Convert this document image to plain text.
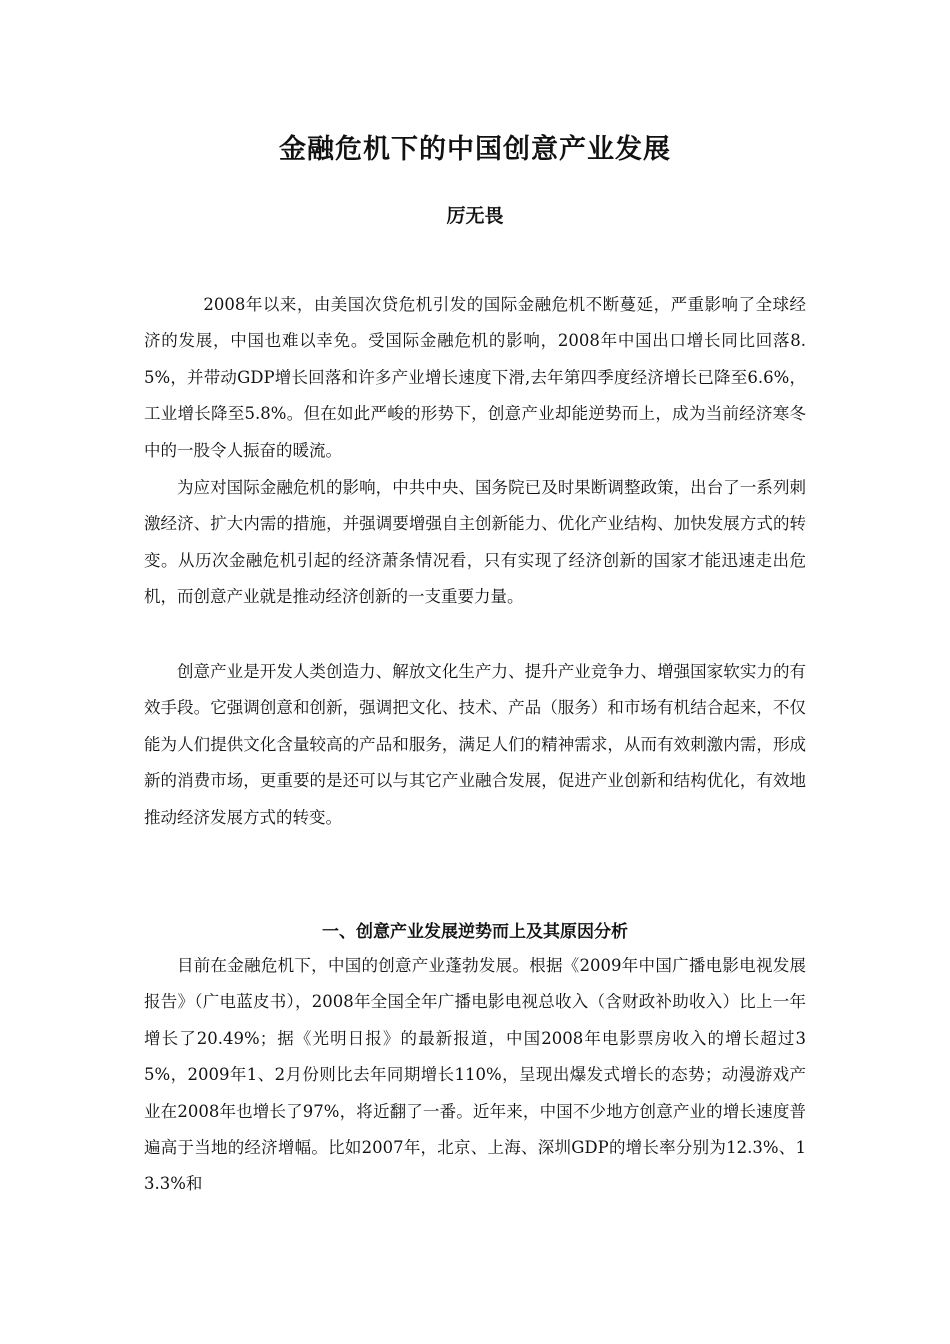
金融危机下的中国创意产业发展
厉无畏

2008年以来，由美国次贷危机引发的国际金融危机不断蔓延，严重影响了全球经济的发展，中国也难以幸免。受国际金融危机的影响，2008年中国出口增长同比回落8.5%，并带动GDP增长回落和许多产业增长速度下滑,去年第四季度经济增长已降至6.6%，工业增长降至5.8%。但在如此严峻的形势下，创意产业却能逆势而上，成为当前经济寒冬中的一股令人振奋的暖流。

为应对国际金融危机的影响，中共中央、国务院已及时果断调整政策，出台了一系列刺激经济、扩大内需的措施，并强调要增强自主创新能力、优化产业结构、加快发展方式的转变。从历次金融危机引起的经济萧条情况看，只有实现了经济创新的国家才能迅速走出危机，而创意产业就是推动经济创新的一支重要力量。

创意产业是开发人类创造力、解放文化生产力、提升产业竞争力、增强国家软实力的有效手段。它强调创意和创新，强调把文化、技术、产品（服务）和市场有机结合起来，不仅能为人们提供文化含量较高的产品和服务，满足人们的精神需求，从而有效刺激内需，形成新的消费市场，更重要的是还可以与其它产业融合发展，促进产业创新和结构优化，有效地推动经济发展方式的转变。

一、创意产业发展逆势而上及其原因分析

目前在金融危机下，中国的创意产业蓬勃发展。根据《2009年中国广播电影电视发展报告》（广电蓝皮书），2008年全国全年广播电影电视总收入（含财政补助收入）比上一年增长了20.49%；据《光明日报》的最新报道，中国2008年电影票房收入的增长超过35%，2009年1、2月份则比去年同期增长110%，呈现出爆发式增长的态势；动漫游戏产业在2008年也增长了97%，将近翻了一番。近年来，中国不少地方创意产业的增长速度普遍高于当地的经济增幅。比如2007年，北京、上海、深圳GDP的增长率分别为12.3%、13.3%和
